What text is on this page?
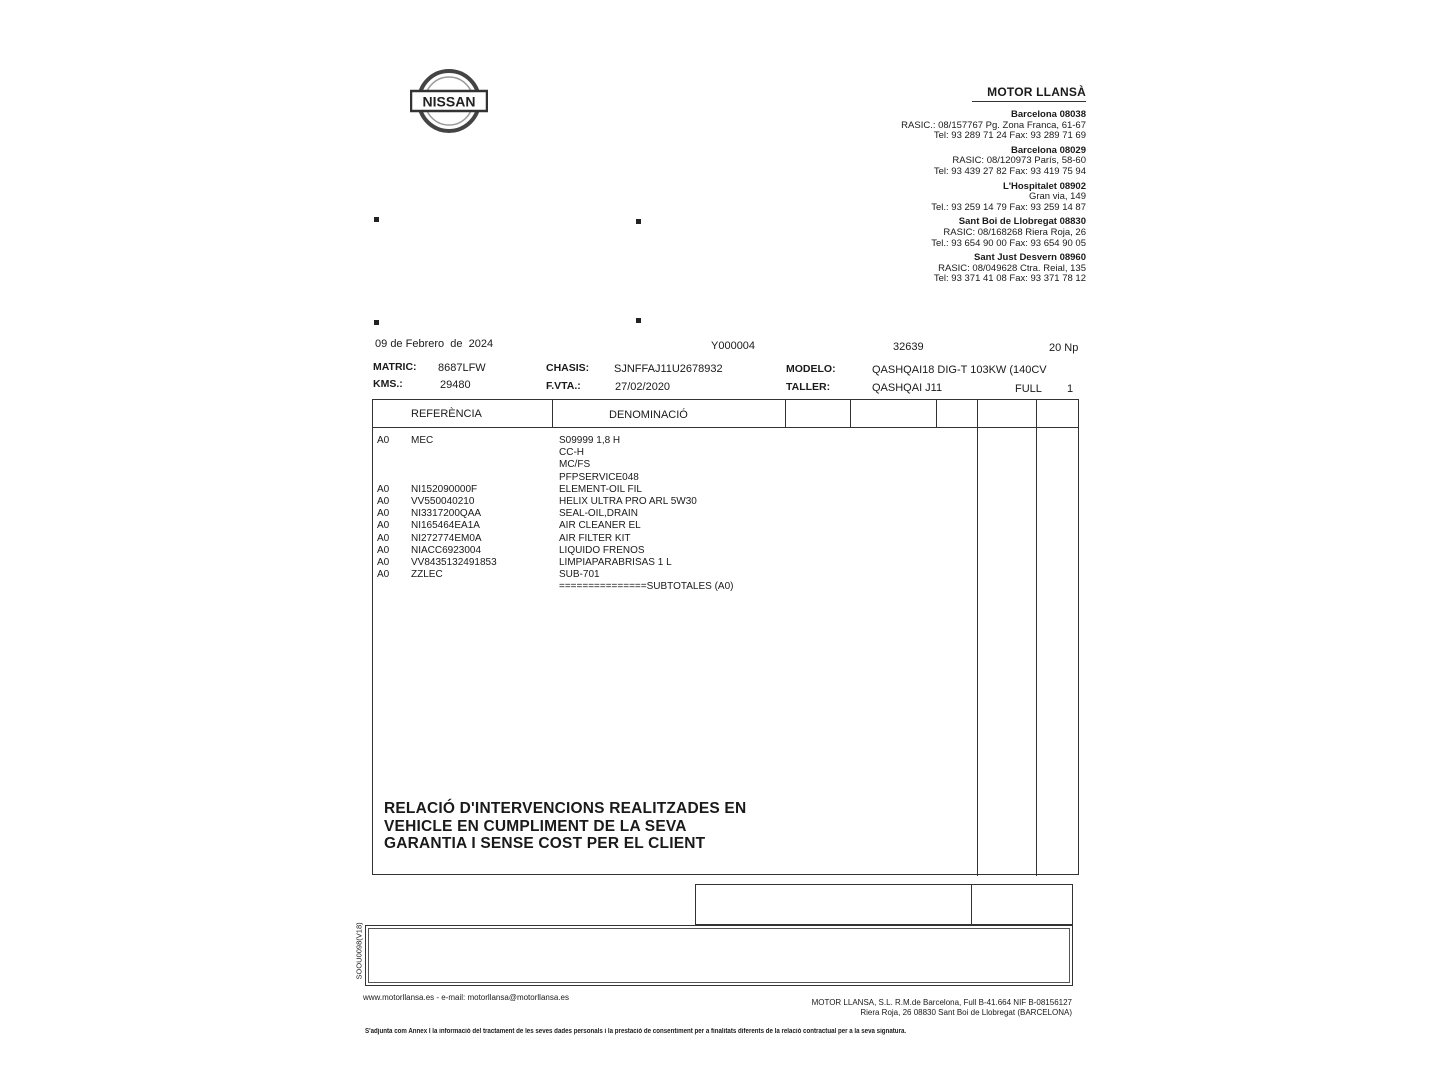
NISSAN
MOTOR LLANSÀ
Barcelona 08038
RASIC.: 08/157767 Pg. Zona Franca, 61-67
Tel: 93 289 71 24 Fax: 93 289 71 69
Barcelona 08029
RASIC: 08/120973 París, 58-60
Tel: 93 439 27 82 Fax: 93 419 75 94
L'Hospitalet 08902
Gran via, 149
Tel.: 93 259 14 79 Fax: 93 259 14 87
Sant Boi de Llobregat 08830
RASIC: 08/168268 Riera Roja, 26
Tel.: 93 654 90 00 Fax: 93 654 90 05
Sant Just Desvern 08960
RASIC: 08/049628 Ctra. Reial, 135
Tel: 93 371 41 08 Fax: 93 371 78 12
09 de Febrero de 2024	Y000004	32639	20 Np
MATRIC: 8687LFW	CHASIS: SJNFFAJ11U2678932	MODELO:	QASHQAI18 DIG-T 103KW (140CV
KMS.:	29480	F.VTA.:	27/02/2020	TALLER:	QASHQAI J11	FULL 1
REFERÈNCIA	DENOMINACIÓ
A0 MEC	S09999 1,8 H
CC-H
MC/FS
PFPSERVICE048
A0 NI152090000F	ELEMENT-OIL FIL
A0 VV550040210	HELIX ULTRA PRO ARL 5W30
A0 NI3317200QAA	SEAL-OIL,DRAIN
A0 NI165464EA1A	AIR CLEANER EL
A0 NI272774EM0A	AIR FILTER KIT
A0 NIACC6923004	LIQUIDO FRENOS
A0 VV8435132491853	LIMPIAPARABRISAS 1 L
A0 ZZLEC	SUB-701
===============SUBTOTALES (A0)
RELACIÓ D'INTERVENCIONS REALITZADES EN
VEHICLE EN CUMPLIMENT DE LA SEVA
GARANTIA I SENSE COST PER EL CLIENT
SOOU0098(V18)
www.motorllansa.es - e-mail: motorllansa@motorllansa.es
MOTOR LLANSA, S.L. R.M.de Barcelona, Full B-41.664 NIF B-08156127
Riera Roja, 26 08830 Sant Boi de Llobregat (BARCELONA)
S'adjunta com Annex I la informació del tractament de les seves dades personals i la prestació de consentiment per a finalitats diferents de la relació contractual per a la seva signatura.
